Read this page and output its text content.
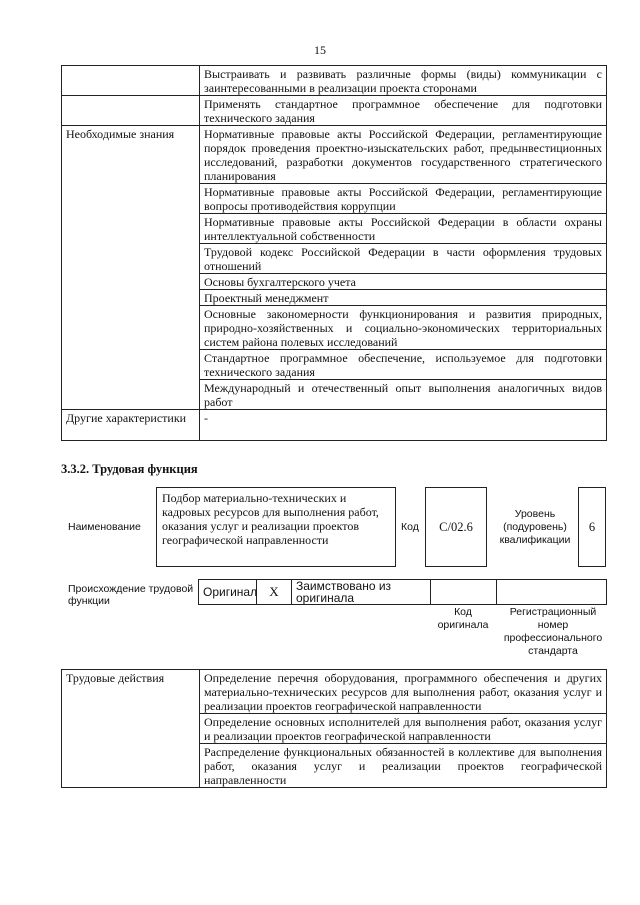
15
	Выстраивать и развивать различные формы (виды) коммуникации с заинтересованными в реализации проекта сторонами
	Применять стандартное программное обеспечение для подготовки технического задания
Необходимые знания	Нормативные правовые акты Российской Федерации, регламентирующие порядок проведения проектно-изыскательских работ, предынвестиционных исследований, разработки документов государственного стратегического планирования
	Нормативные правовые акты Российской Федерации, регламентирующие вопросы противодействия коррупции
	Нормативные правовые акты Российской Федерации в области охраны интеллектуальной собственности
	Трудовой кодекс Российской Федерации в части оформления трудовых отношений
	Основы бухгалтерского учета
	Проектный менеджмент
	Основные закономерности функционирования и развития природных, природно-хозяйственных и социально-экономических территориальных систем района полевых исследований
	Стандартное программное обеспечение, используемое для подготовки технического задания
	Международный и отечественный опыт выполнения аналогичных видов работ
Другие характеристики	-
3.3.2. Трудовая функция
Наименование
Подбор материально-технических и кадровых ресурсов для выполнения работ, оказания услуг и реализации проектов географической направленности
Код	С/02.6
Уровень (подуровень) квалификации
6
Происхождение трудовой функции
Оригинал	X	Заимствовано из оригинала		
Код оригинала
Регистрационный номер профессионального стандарта
Трудовые действия	Определение перечня оборудования, программного обеспечения и других материально-технических ресурсов для выполнения работ, оказания услуг и реализации проектов географической направленности
Определение основных исполнителей для выполнения работ, оказания услуг и реализации проектов географической направленности
Распределение функциональных обязанностей в коллективе для выполнения работ, оказания услуг и реализации проектов географической направленности
